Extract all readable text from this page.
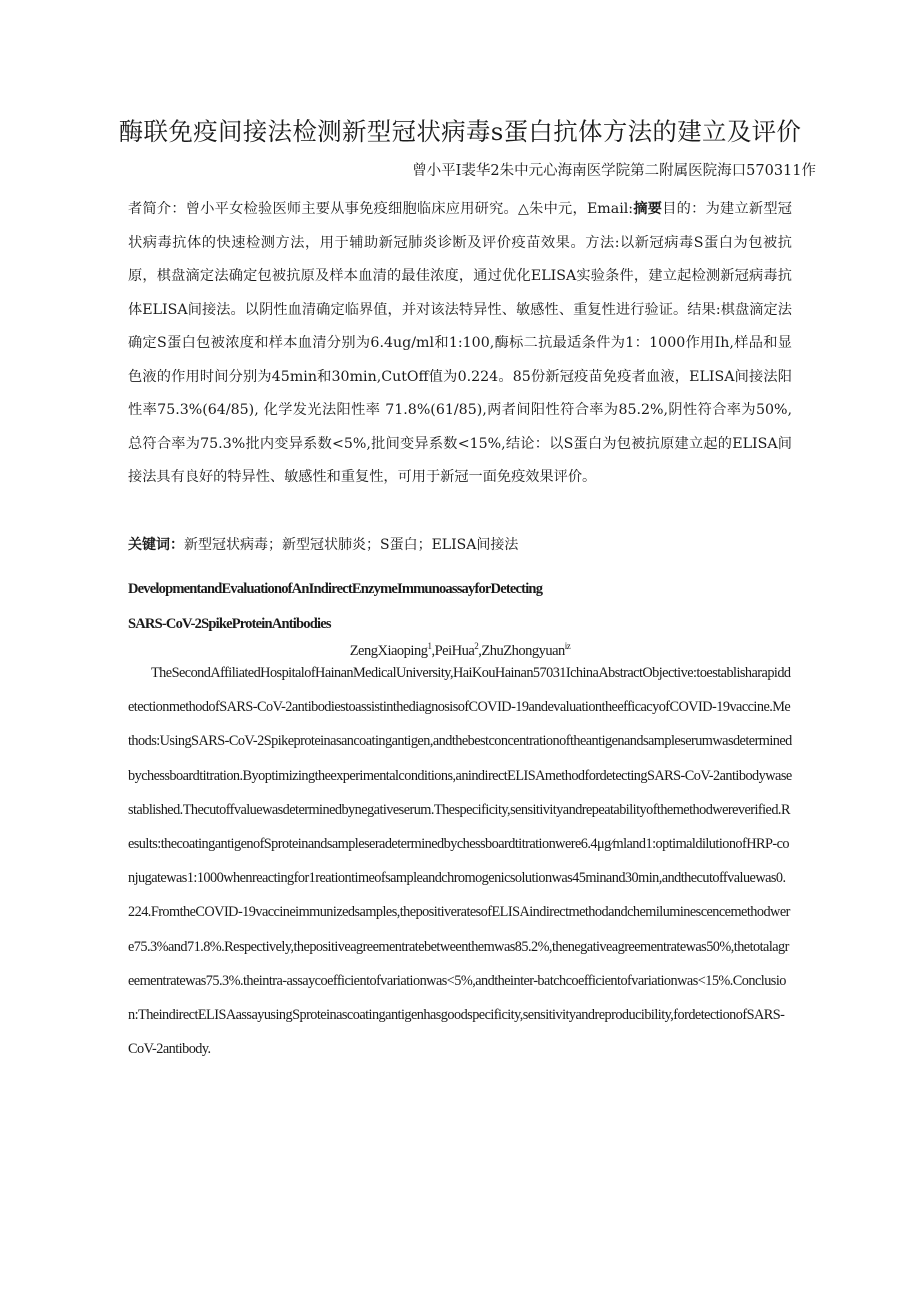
酶联免疫间接法检测新型冠状病毒s蛋白抗体方法的建立及评价
曾小平I裴华2朱中元心海南医学院第二附属医院海口570311作
者简介：曾小平女检验医师主要从事免疫细胞临床应用研究。△朱中元，Email:摘要目的：为建立新型冠状病毒抗体的快速检测方法，用于辅助新冠肺炎诊断及评价疫苗效果。方法:以新冠病毒S蛋白为包被抗原，棋盘滴定法确定包被抗原及样本血清的最佳浓度，通过优化ELISA实验条件，建立起检测新冠病毒抗体ELISA间接法。以阴性血清确定临界值，并对该法特异性、敏感性、重复性进行验证。结果:棋盘滴定法确定S蛋白包被浓度和样本血清分别为6.4ug/ml和1:100,酶标二抗最适条件为1：1000作用Ih,样品和显色液的作用时间分别为45min和30min,CutOff值为0.224。85份新冠疫苗免疫者血液，ELISA间接法阳性率75.3%(64/85), 化学发光法阳性率 71.8%(61/85),两者间阳性符合率为85.2%,阴性符合率为50%,总符合率为75.3%批内变异系数<5%,批间变异系数<15%,结论：以S蛋白为包被抗原建立起的ELISA间接法具有良好的特异性、敏感性和重复性，可用于新冠一面免疫效果评价。
关键词：新型冠状病毒；新型冠状肺炎；S蛋白；ELISA间接法
DevelopmentandEvaluationofAnIndirectEnzymeImmunoassayforDetecting
SARS-CoV-2SpikeProteinAntibodies
ZengXiaoping$^1$,PeiHua$^2$,ZhuZhongyuan$^{iz}$
TheSecondAffiliatedHospitalofHainanMedicalUniversity,HaiKouHainan57031IchinaAbstractObjective:toestablisharapiddetectionmethodofSARS-CoV-2antibodiestoassistinthediagnosisofCOVID-19andevaluationtheefficacyofCOVID-19vaccine.Methods:UsingSARS-CoV-2Spikeproteinasancoatingantigen,andthebestconcentrationoftheantigenandsampleserumwasdeterminedbychessboardtitration.Byoptimizingtheexperimentalconditions,anindirectELISAmethodfordetectingSARS-CoV-2antibodywasestablished.Thecutoffvaluewasdeterminedbynegativeserum.Thespecificity,sensitivityandrepeatabilityofthemethodwereverified.Results:thecoatingantigenofSproteinandsampleseradeterminedbychessboardtitrationwere6.4μg∕mland1:optimaldilutionofHRP-conjugatewas1:1000whenreactingfor1reationtimeofsampleandchromogenicsolutionwas45minand30min,andthecutoffvaluewas0.224.FromtheCOVID-19vaccineimmunizedsamples,thepositiveratesofELISAindirectmethodandchemiluminescencemethodwere75.3%and71.8%.Respectively,thepositiveagreementratebetweenthemwas85.2%,thenegativeagreementratewas50%,thetotalagreementratewas75.3%.theintra-assaycoefficientofvariationwas<5%,andtheinter-batchcoefficientofvariationwas<15%.Conclusion:TheindirectELISAassayusingSproteinascoatingantigenhasgoodspecificity,sensitivityandreproducibility,fordetectionofSARS-CoV-2antibody.
